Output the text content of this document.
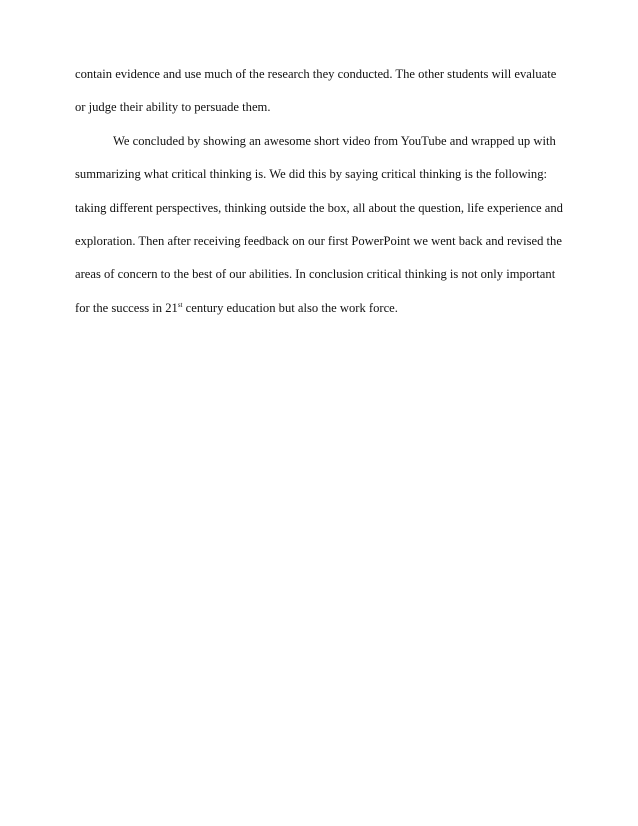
contain evidence and use much of the research they conducted. The other students will evaluate
or judge their ability to persuade them.
We concluded by showing an awesome short video from YouTube and wrapped up with
summarizing what critical thinking is. We did this by saying critical thinking is the following:
taking different perspectives, thinking outside the box, all about the question, life experience and
exploration. Then after receiving feedback on our first PowerPoint we went back and revised the
areas of concern to the best of our abilities. In conclusion critical thinking is not only important
for the success in 21st century education but also the work force.
